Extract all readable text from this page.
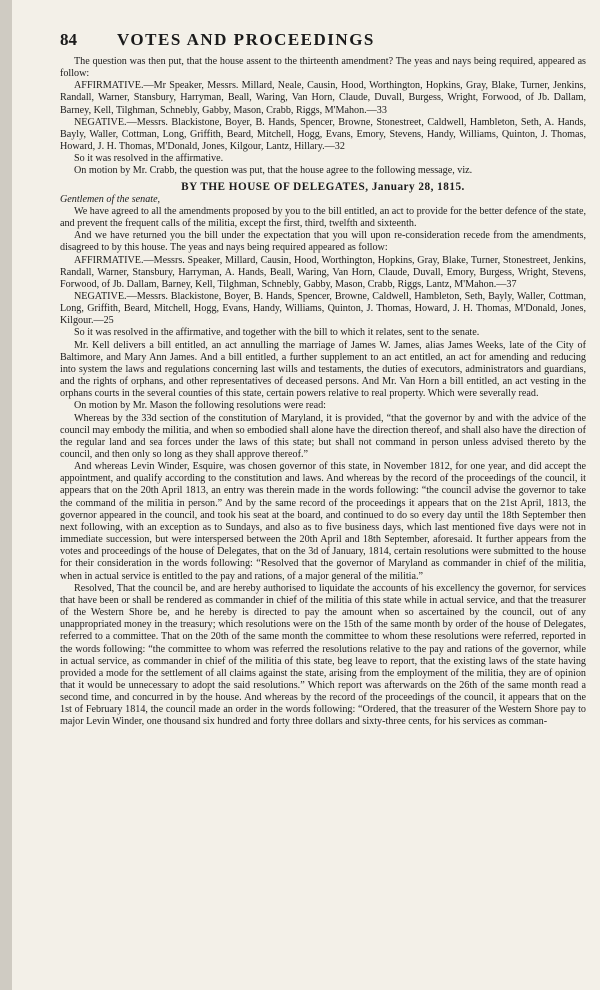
84 VOTES AND PROCEEDINGS

The question was then put, that the house assent to the thirteenth amendment? The yeas and nays being required, appeared as follow:

AFFIRMATIVE.—Mr Speaker, Messrs. Millard, Neale, Causin, Hood, Worthington, Hopkins, Gray, Blake, Turner, Jenkins, Randall, Warner, Stansbury, Harryman, Beall, Waring, Van Horn, Claude, Duvall, Burgess, Wright, Forwood, of Jb. Dallam, Barney, Kell, Tilghman, Schnebly, Gabby, Mason, Crabb, Riggs, M'Mahon.—33

NEGATIVE.—Messrs. Blackistone, Boyer, B. Hands, Spencer, Browne, Stonestreet, Caldwell, Hambleton, Seth, A. Hands, Bayly, Waller, Cottman, Long, Griffith, Beard, Mitchell, Hogg, Evans, Emory, Stevens, Handy, Williams, Quinton, J. Thomas, Howard, J. H. Thomas, M'Donald, Jones, Kilgour, Lantz, Hillary.—32

So it was resolved in the affirmative.

On motion by Mr. Crabb, the question was put, that the house agree to the following message, viz.

BY THE HOUSE OF DELEGATES, January 28, 1815.

Gentlemen of the senate,

We have agreed to all the amendments proposed by you to the bill entitled, an act to provide for the better defence of the state, and prevent the frequent calls of the militia, except the first, third, twelfth and sixteenth.

And we have returned you the bill under the expectation that you will upon re-consideration recede from the amendments, disagreed to by this house. The yeas and nays being required appeared as follow:

AFFIRMATIVE.—Messrs. Speaker, Millard, Causin, Hood, Worthington, Hopkins, Gray, Blake, Turner, Stonestreet, Jenkins, Randall, Warner, Stansbury, Harryman, A. Hands, Beall, Waring, Van Horn, Claude, Duvall, Emory, Burgess, Wright, Stevens, Forwood, of Jb. Dallam, Barney, Kell, Tilghman, Schnebly, Gabby, Mason, Crabb, Riggs, Lantz, M'Mahon.—37

NEGATIVE.—Messrs. Blackistone, Boyer, B. Hands, Spencer, Browne, Caldwell, Hambleton, Seth, Bayly, Waller, Cottman, Long, Griffith, Beard, Mitchell, Hogg, Evans, Handy, Williams, Quinton, J. Thomas, Howard, J. H. Thomas, M'Donald, Jones, Kilgour.—25

So it was resolved in the affirmative, and together with the bill to which it relates, sent to the senate.

Mr. Kell delivers a bill entitled, an act annulling the marriage of James W. James, alias James Weeks, late of the City of Baltimore, and Mary Ann James. And a bill entitled, a further supplement to an act entitled, an act for amending and reducing into system the laws and regulations concerning last wills and testaments, the duties of executors, administrators and guardians, and the rights of orphans, and other representatives of deceased persons. And Mr. Van Horn a bill entitled, an act vesting in the orphans courts in the several counties of this state, certain powers relative to real property. Which were severally read.

On motion by Mr. Mason the following resolutions were read:

Whereas by the 33d section of the constitution of Maryland, it is provided, “that the governor by and with the advice of the council may embody the militia, and when so embodied shall alone have the direction thereof, and shall also have the direction of the regular land and sea forces under the laws of this state; but shall not command in person unless advised thereto by the council, and then only so long as they shall approve thereof.”

And whereas Levin Winder, Esquire, was chosen governor of this state, in November 1812, for one year, and did accept the appointment, and qualify according to the constitution and laws. And whereas by the record of the proceedings of the council, it appears that on the 20th April 1813, an entry was therein made in the words following: “the council advise the governor to take the command of the militia in person.” And by the same record of the proceedings it appears that on the 21st April, 1813, the governor appeared in the council, and took his seat at the board, and continued to do so every day until the 18th September then next following, with an exception as to Sundays, and also as to five business days, which last mentioned five days were not in immediate succession, but were interspersed between the 20th April and 18th September, aforesaid. It further appears from the votes and proceedings of the house of Delegates, that on the 3d of January, 1814, certain resolutions were submitted to the house for their consideration in the words following: “Resolved that the governor of Maryland as commander in chief of the militia, when in actual service is entitled to the pay and rations, of a major general of the militia.”

Resolved, That the council be, and are hereby authorised to liquidate the accounts of his excellency the governor, for services that have been or shall be rendered as commander in chief of the militia of this state while in actual service, and that the treasurer of the Western Shore be, and he hereby is directed to pay the amount when so ascertained by the council, out of any unappropriated money in the treasury; which resolutions were on the 15th of the same month by order of the house of Delegates, referred to a committee. That on the 20th of the same month the committee to whom these resolutions were referred, reported in the words following: “the committee to whom was referred the resolutions relative to the pay and rations of the governor, while in actual service, as commander in chief of the militia of this state, beg leave to report, that the existing laws of the state having provided a mode for the settlement of all claims against the state, arising from the employment of the militia, they are of opinion that it would be unnecessary to adopt the said resolutions.” Which report was afterwards on the 26th of the same month read a second time, and concurred in by the house. And whereas by the record of the proceedings of the council, it appears that on the 1st of February 1814, the council made an order in the words following: “Ordered, that the treasurer of the Western Shore pay to major Levin Winder, one thousand six hundred and forty three dollars and sixty-three cents, for his services as comman-
